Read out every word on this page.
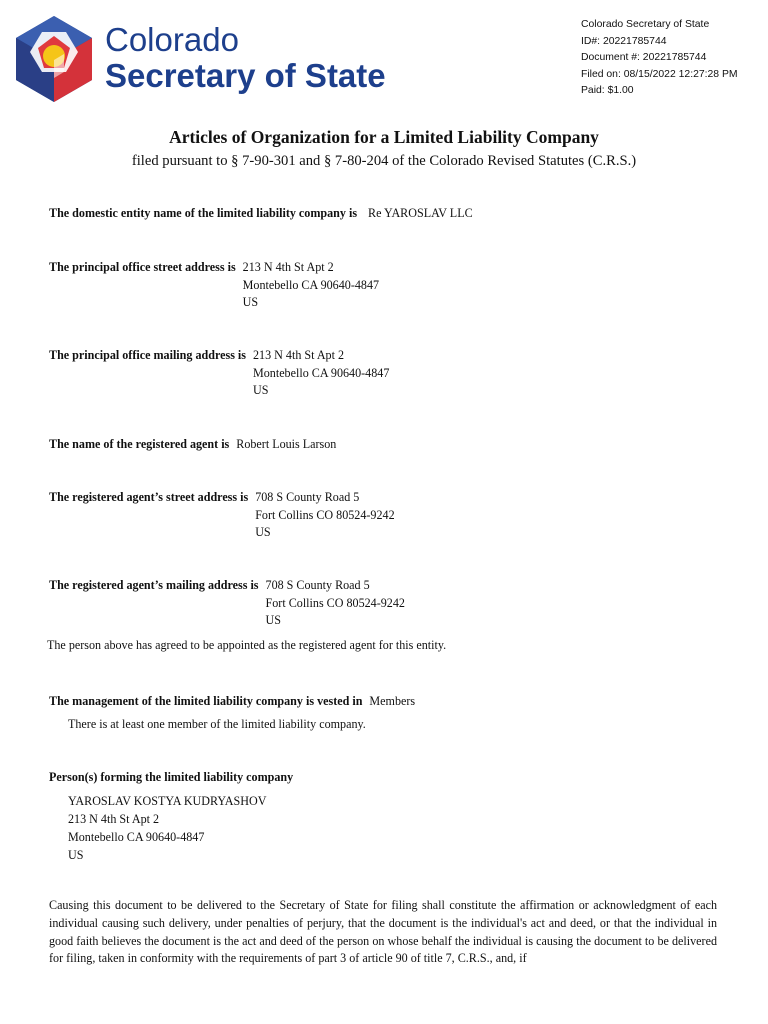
Colorado
Secretary of State
Colorado Secretary of State
ID#: 20221785744
Document #: 20221785744
Filed on: 08/15/2022 12:27:28 PM
Paid: $1.00
Articles of Organization for a Limited Liability Company

filed pursuant to § 7-90-301 and § 7-80-204 of the Colorado Revised Statutes (C.R.S.)

The domestic entity name of the limited liability company is Re YAROSLAV LLC
The principal office street address is 213 N 4th St Apt 2
Montebello CA 90640-4847
US
The principal office mailing address is 213 N 4th St Apt 2
Montebello CA 90640-4847
US
The name of the registered agent is Robert Louis Larson
The registered agent’s street address is 708 S County Road 5
Fort Collins CO 80524-9242
US
The registered agent’s mailing address is 708 S County Road 5
Fort Collins CO 80524-9242
US
The person above has agreed to be appointed as the registered agent for this entity.
The management of the limited liability company is vested in Members
There is at least one member of the limited liability company.
Person(s) forming the limited liability company
YAROSLAV KOSTYA KUDRYASHOV
213 N 4th St Apt 2
Montebello CA 90640-4847
US
Causing this document to be delivered to the Secretary of State for filing shall constitute the affirmation or acknowledgment of each individual causing such delivery, under penalties of perjury, that the document is the individual's act and deed, or that the individual in good faith believes the document is the act and deed of the person on whose behalf the individual is causing the document to be delivered for filing, taken in conformity with the requirements of part 3 of article 90 of title 7, C.R.S., and, if
